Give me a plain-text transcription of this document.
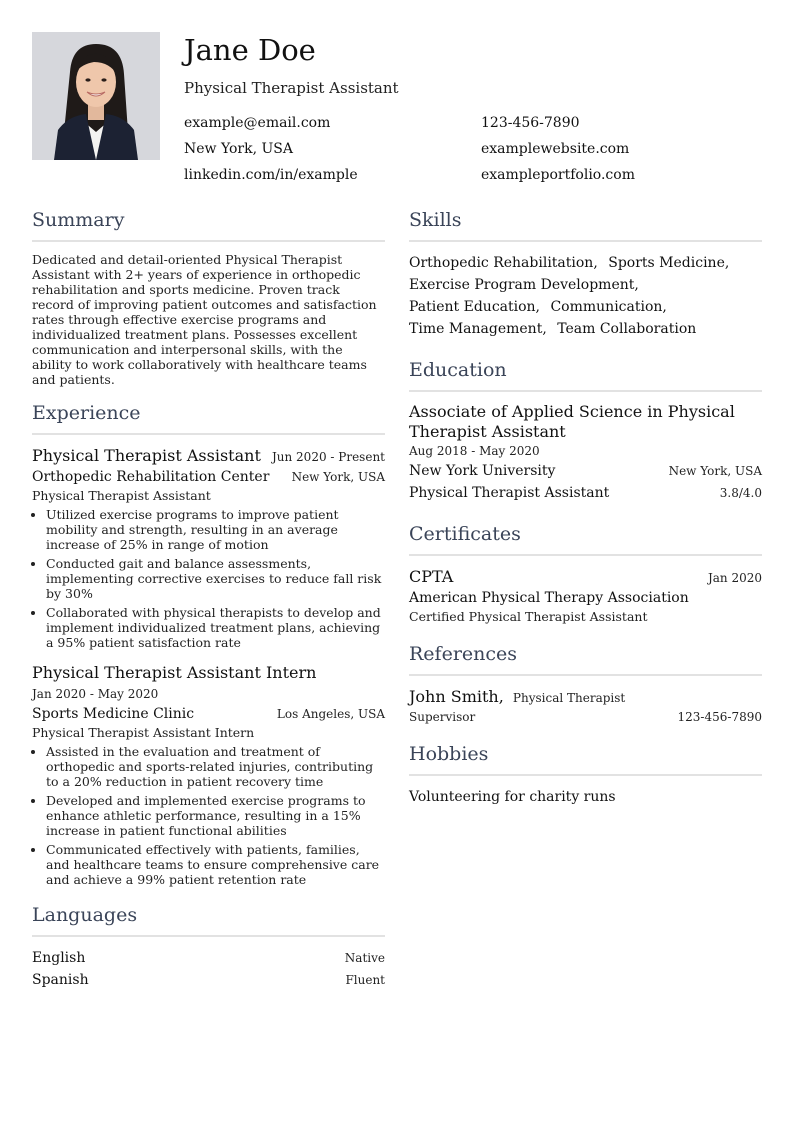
Jane Doe
Physical Therapist Assistant
example@email.com	123-456-7890
New York, USA	examplewebsite.com
linkedin.com/in/example	exampleportfolio.com
Summary

Dedicated and detail-oriented Physical Therapist Assistant with 2+ years of experience in orthopedic rehabilitation and sports medicine. Proven track record of improving patient outcomes and satisfaction rates through effective exercise programs and individualized treatment plans. Possesses excellent communication and interpersonal skills, with the ability to work collaboratively with healthcare teams and patients.

Experience
Physical Therapist Assistant Jun 2020 - Present
Orthopedic Rehabilitation Center New York, USA
Physical Therapist Assistant
• Utilized exercise programs to improve patient mobility and strength, resulting in an average increase of 25% in range of motion
• Conducted gait and balance assessments, implementing corrective exercises to reduce fall risk by 30%
• Collaborated with physical therapists to develop and implement individualized treatment plans, achieving a 95% patient satisfaction rate
Physical Therapist Assistant Intern
Jan 2020 - May 2020
Sports Medicine Clinic	Los Angeles, USA
Physical Therapist Assistant Intern
• Assisted in the evaluation and treatment of orthopedic and sports-related injuries, contributing to a 20% reduction in patient recovery time
• Developed and implemented exercise programs to enhance athletic performance, resulting in a 15% increase in patient functional abilities
• Communicated effectively with patients, families, and healthcare teams to ensure comprehensive care and achieve a 99% patient retention rate
Languages
English	Native
Spanish	Fluent
Skills
Orthopedic Rehabilitation, Sports Medicine,
Exercise Program Development,
Patient Education, Communication,
Time Management, Team Collaboration
Education
Associate of Applied Science in Physical Therapist Assistant
Aug 2018 - May 2020
New York University	New York, USA
Physical Therapist Assistant	3.8/4.0
Certificates
CPTA	Jan 2020
American Physical Therapy Association
Certified Physical Therapist Assistant
References
John Smith, Physical Therapist
Supervisor	123-456-7890
Hobbies
Volunteering for charity runs
